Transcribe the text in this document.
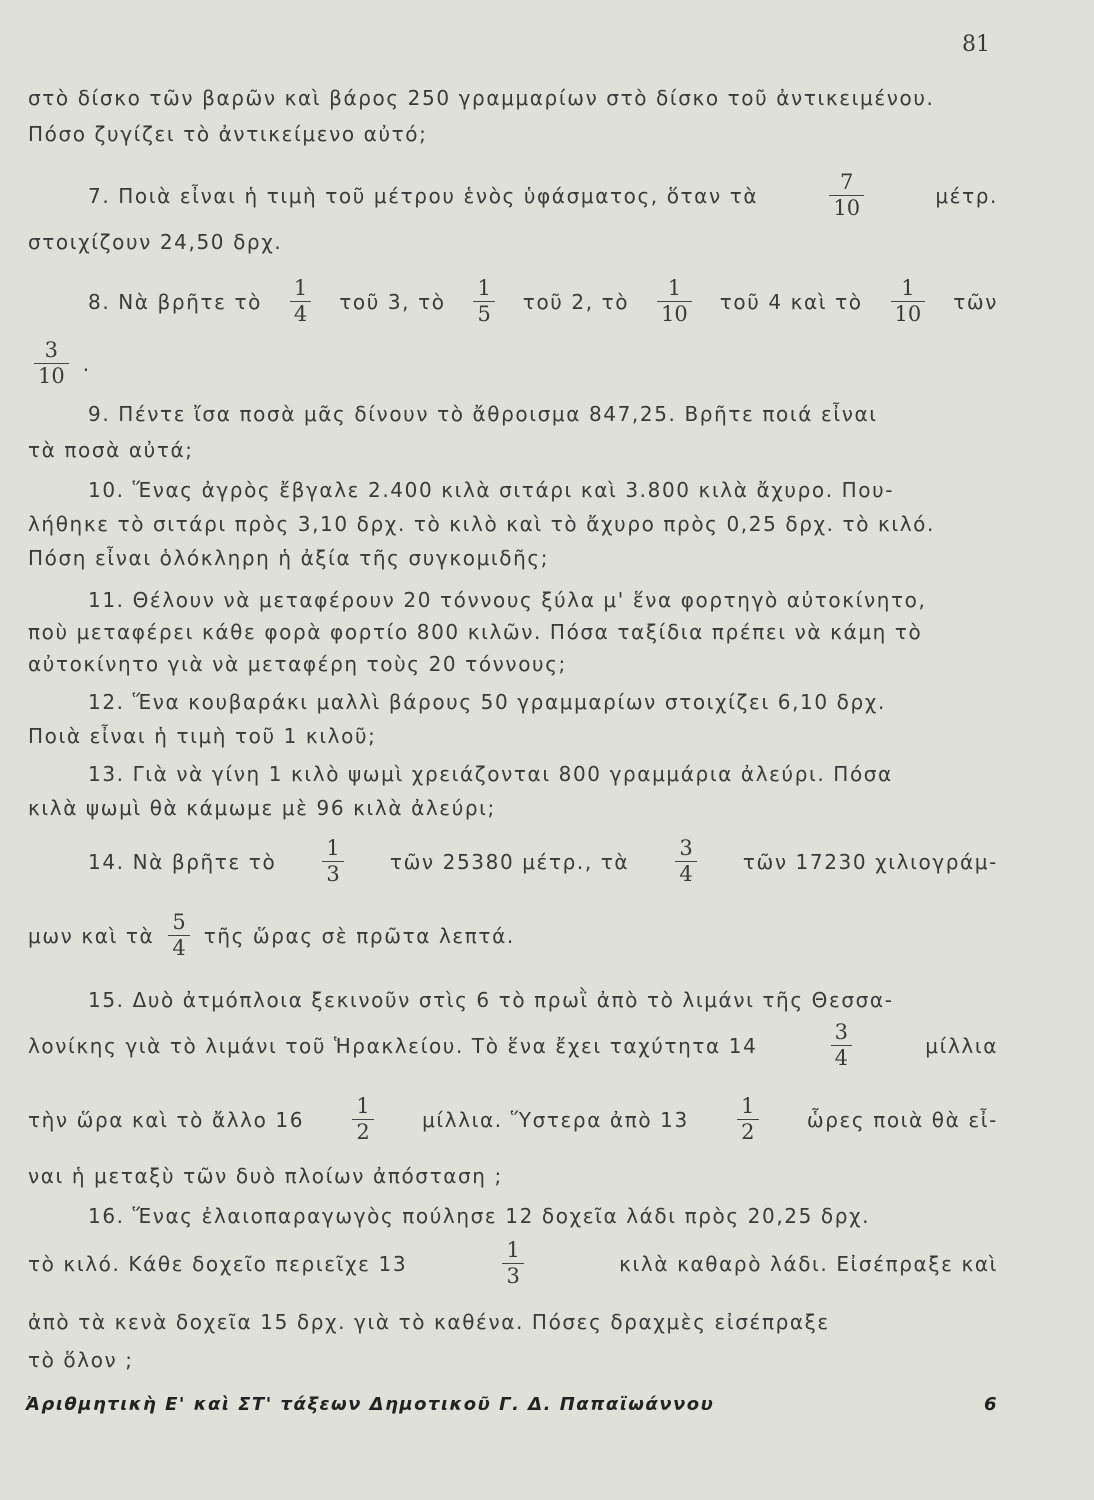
81
στὸ δίσκο τῶν βαρῶν καὶ βάρος 250 γραμμαρίων στὸ δίσκο τοῦ ἀντικειμένου.
Πόσο ζυγίζει τὸ ἀντικείμενο αὐτό;
7. Ποιὰ εἶναι ἡ τιμὴ τοῦ μέτρου ἑνὸς ὑφάσματος, ὅταν τὰ	$\frac{7}{10}$	μέτρ.
στοιχίζουν 24,50 δρχ.
8. Νὰ βρῆτε τὸ $\frac{1}{4}$ τοῦ 3, τὸ $\frac{1}{5}$ τοῦ 2, τὸ $\frac{1}{10}$ τοῦ 4 καὶ τὸ $\frac{1}{10}$ τῶν
$\frac{3}{10}$ .
9. Πέντε ἴσα ποσὰ μᾶς δίνουν τὸ ἄθροισμα 847,25. Βρῆτε ποιά εἶναι
τὰ ποσὰ αὐτά;
10. Ἕνας ἀγρὸς ἔβγαλε 2.400 κιλὰ σιτάρι καὶ 3.800 κιλὰ ἄχυρο. Που-
λήθηκε τὸ σιτάρι πρὸς 3,10 δρχ. τὸ κιλὸ καὶ τὸ ἄχυρο πρὸς 0,25 δρχ. τὸ κιλό.
Πόση εἶναι ὁλόκληρη ἡ ἀξία τῆς συγκομιδῆς;
11. Θέλουν νὰ μεταφέρουν 20 τόννους ξύλα μ' ἕνα φορτηγὸ αὐτοκίνητο,
ποὺ μεταφέρει κάθε φορὰ φορτίο 800 κιλῶν. Πόσα ταξίδια πρέπει νὰ κάμη τὸ
αὐτοκίνητο γιὰ νὰ μεταφέρη τοὺς 20 τόννους;
12. Ἕνα κουβαράκι μαλλὶ βάρους 50 γραμμαρίων στοιχίζει 6,10 δρχ.
Ποιὰ εἶναι ἡ τιμὴ τοῦ 1 κιλοῦ;
13. Γιὰ νὰ γίνη 1 κιλὸ ψωμὶ χρειάζονται 800 γραμμάρια ἀλεύρι. Πόσα
κιλὰ ψωμὶ θὰ κάμωμε μὲ 96 κιλὰ ἀλεύρι;
14. Νὰ βρῆτε τὸ $\frac{1}{3}$ τῶν 25380 μέτρ., τὰ $\frac{3}{4}$ τῶν 17230 χιλιογράμ-
μων καὶ τὰ $\frac{5}{4}$ τῆς ὥρας σὲ πρῶτα λεπτά.
15. Δυὸ ἀτμόπλοια ξεκινοῦν στὶς 6 τὸ πρωῒ ἀπὸ τὸ λιμάνι τῆς Θεσσα-
λονίκης γιὰ τὸ λιμάνι τοῦ Ἡρακλείου. Τὸ ἕνα ἔχει ταχύτητα 14	$\frac{3}{4}$	μίλλια
τὴν ὥρα καὶ τὸ ἄλλο $16 \frac{1}{2} \mu ί\lambda\lambda\iota\alpha$. Ὕστερα ἀπὸ $13 \frac{1}{2}$ ὧρες ποιὰ θὰ εἶ-
ναι ἡ μεταξὺ τῶν δυὸ πλοίων ἀπόσταση ;
16. Ἕνας ἐλαιοπαραγωγὸς πούλησε 12 δοχεῖα λάδι πρὸς 20,25 δρχ.
τὸ κιλό. Κάθε δοχεῖο περιεῖχε 13	$\frac{1}{3}$	κιλὰ καθαρὸ λάδι. Εἰσέπραξε καὶ
ἀπὸ τὰ κενὰ δοχεῖα 15 δρχ. γιὰ τὸ καθένα. Πόσες δραχμὲς εἰσέπραξε
τὸ ὅλον ;
Ἀριθμητικὴ Ε' καὶ ΣΤ' τάξεων Δημοτικοῦ Γ. Δ. Παπαϊωάννου	6
